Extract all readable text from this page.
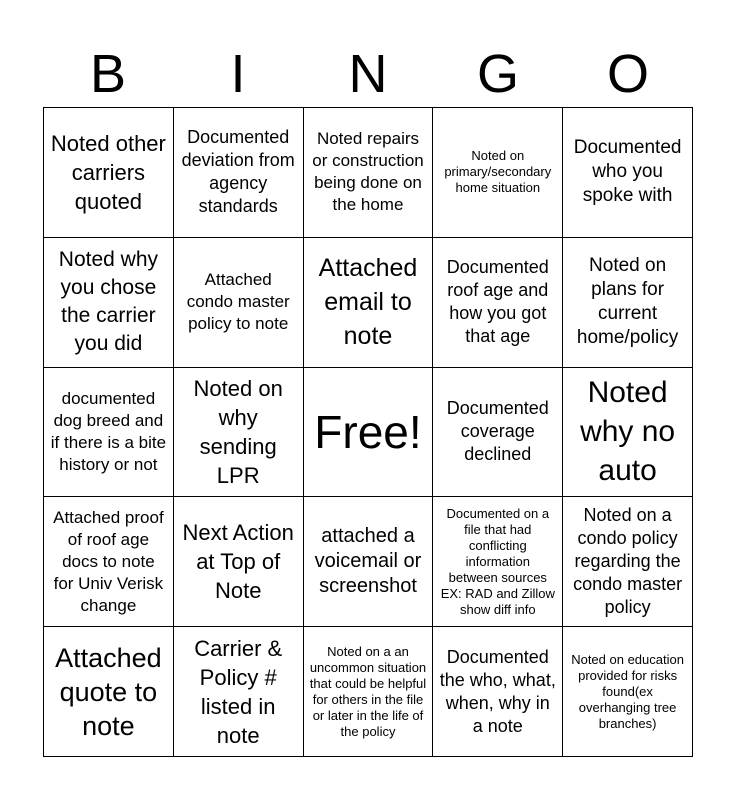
B	I	N	G	O
Noted other carriers quoted
Documented deviation from agency standards
Noted repairs or construction being done on the home
Noted on primary/secondary home situation
Documented who you spoke with
Noted why you chose the carrier you did
Attached condo master policy to note
Attached email to note
Documented roof age and how you got that age
Noted on plans for current home/policy
documented dog breed and if there is a bite history or not
Noted on why sending LPR
Free!	Documented coverage declined
Noted why no auto
Attached proof of roof age docs to note for Univ Verisk change
Next Action at Top of Note
attached a voicemail or screenshot
Documented on a file that had conflicting information between sources EX: RAD and Zillow show diff info
Noted on a condo policy regarding the condo master policy
Attached quote to note
Carrier & Policy # listed in note
Noted on a an uncommon situation that could be helpful for others in the file or later in the life of the policy
Documented the who, what, when, why in a note
Noted on education provided for risks found(ex overhanging tree branches)
